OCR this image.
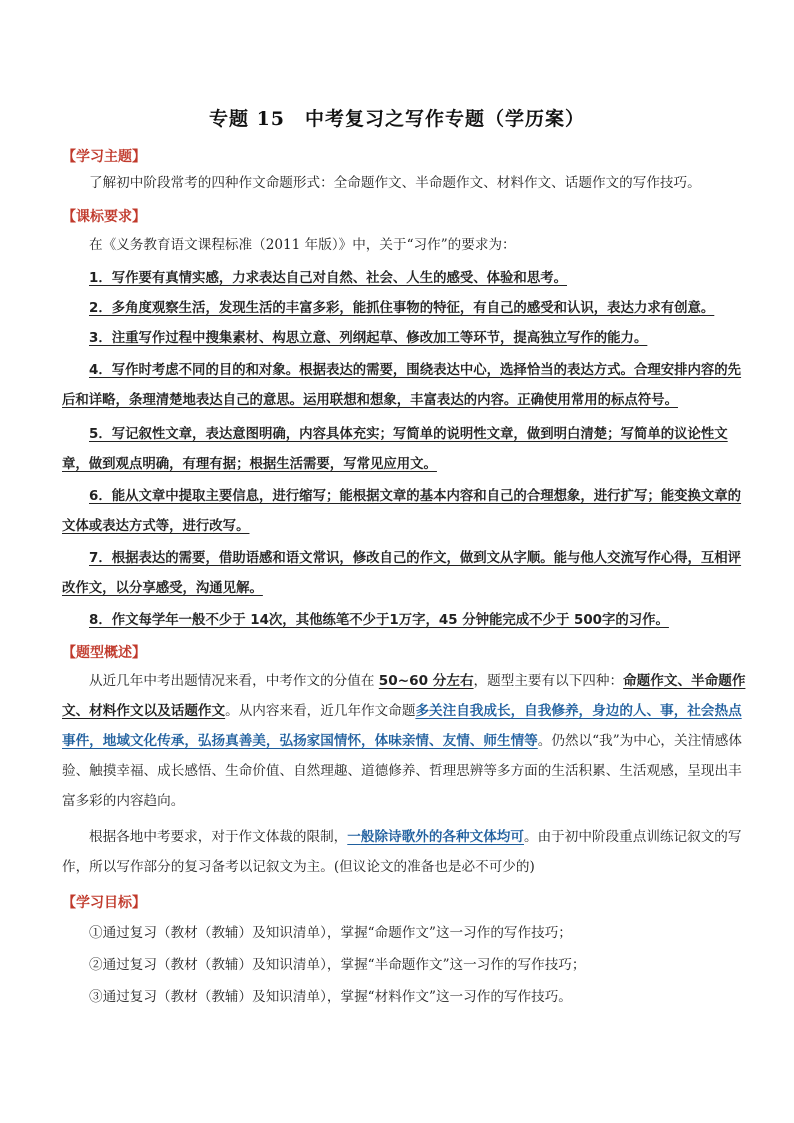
专题 15　中考复习之写作专题（学历案）
【学习主题】

了解初中阶段常考的四种作文命题形式：全命题作文、半命题作文、材料作文、话题作文的写作技巧。

【课标要求】

在《义务教育语文课程标准（2011 年版）》中，关于“习作”的要求为：

1．写作要有真情实感，力求表达自己对自然、社会、人生的感受、体验和思考。

2．多角度观察生活，发现生活的丰富多彩，能抓住事物的特征，有自己的感受和认识，表达力求有创意。

3．注重写作过程中搜集素材、构思立意、列纲起草、修改加工等环节，提高独立写作的能力。

4．写作时考虑不同的目的和对象。根据表达的需要，围绕表达中心，选择恰当的表达方式。合理安排内容的先后和详略，条理清楚地表达自己的意思。运用联想和想象，丰富表达的内容。正确使用常用的标点符号。

5．写记叙性文章，表达意图明确，内容具体充实；写简单的说明性文章，做到明白清楚；写简单的议论性文章，做到观点明确，有理有据；根据生活需要，写常见应用文。

6．能从文章中提取主要信息，进行缩写；能根据文章的基本内容和自己的合理想象，进行扩写；能变换文章的文体或表达方式等，进行改写。

7．根据表达的需要，借助语感和语文常识，修改自己的作文，做到文从字顺。能与他人交流写作心得，互相评改作文，以分享感受，沟通见解。

8．作文每学年一般不少于 14次，其他练笔不少于1万字，45 分钟能完成不少于 500字的习作。

【题型概述】

从近几年中考出题情况来看，中考作文的分值在 50~60 分左右，题型主要有以下四种：命题作文、半命题作文、材料作文以及话题作文。从内容来看，近几年作文命题多关注自我成长，自我修养，身边的人、事，社会热点事件，地域文化传承，弘扬真善美，弘扬家国情怀，体味亲情、友情、师生情等。仍然以“我”为中心，关注情感体验、触摸幸福、成长感悟、生命价值、自然理趣、道德修养、哲理思辨等多方面的生活积累、生活观感，呈现出丰富多彩的内容趋向。

根据各地中考要求，对于作文体裁的限制，一般除诗歌外的各种文体均可。由于初中阶段重点训练记叙文的写作，所以写作部分的复习备考以记叙文为主。(但议论文的准备也是必不可少的)

【学习目标】

①通过复习（教材（教辅）及知识清单），掌握“命题作文”这一习作的写作技巧；

②通过复习（教材（教辅）及知识清单），掌握“半命题作文”这一习作的写作技巧；

③通过复习（教材（教辅）及知识清单），掌握“材料作文”这一习作的写作技巧。
